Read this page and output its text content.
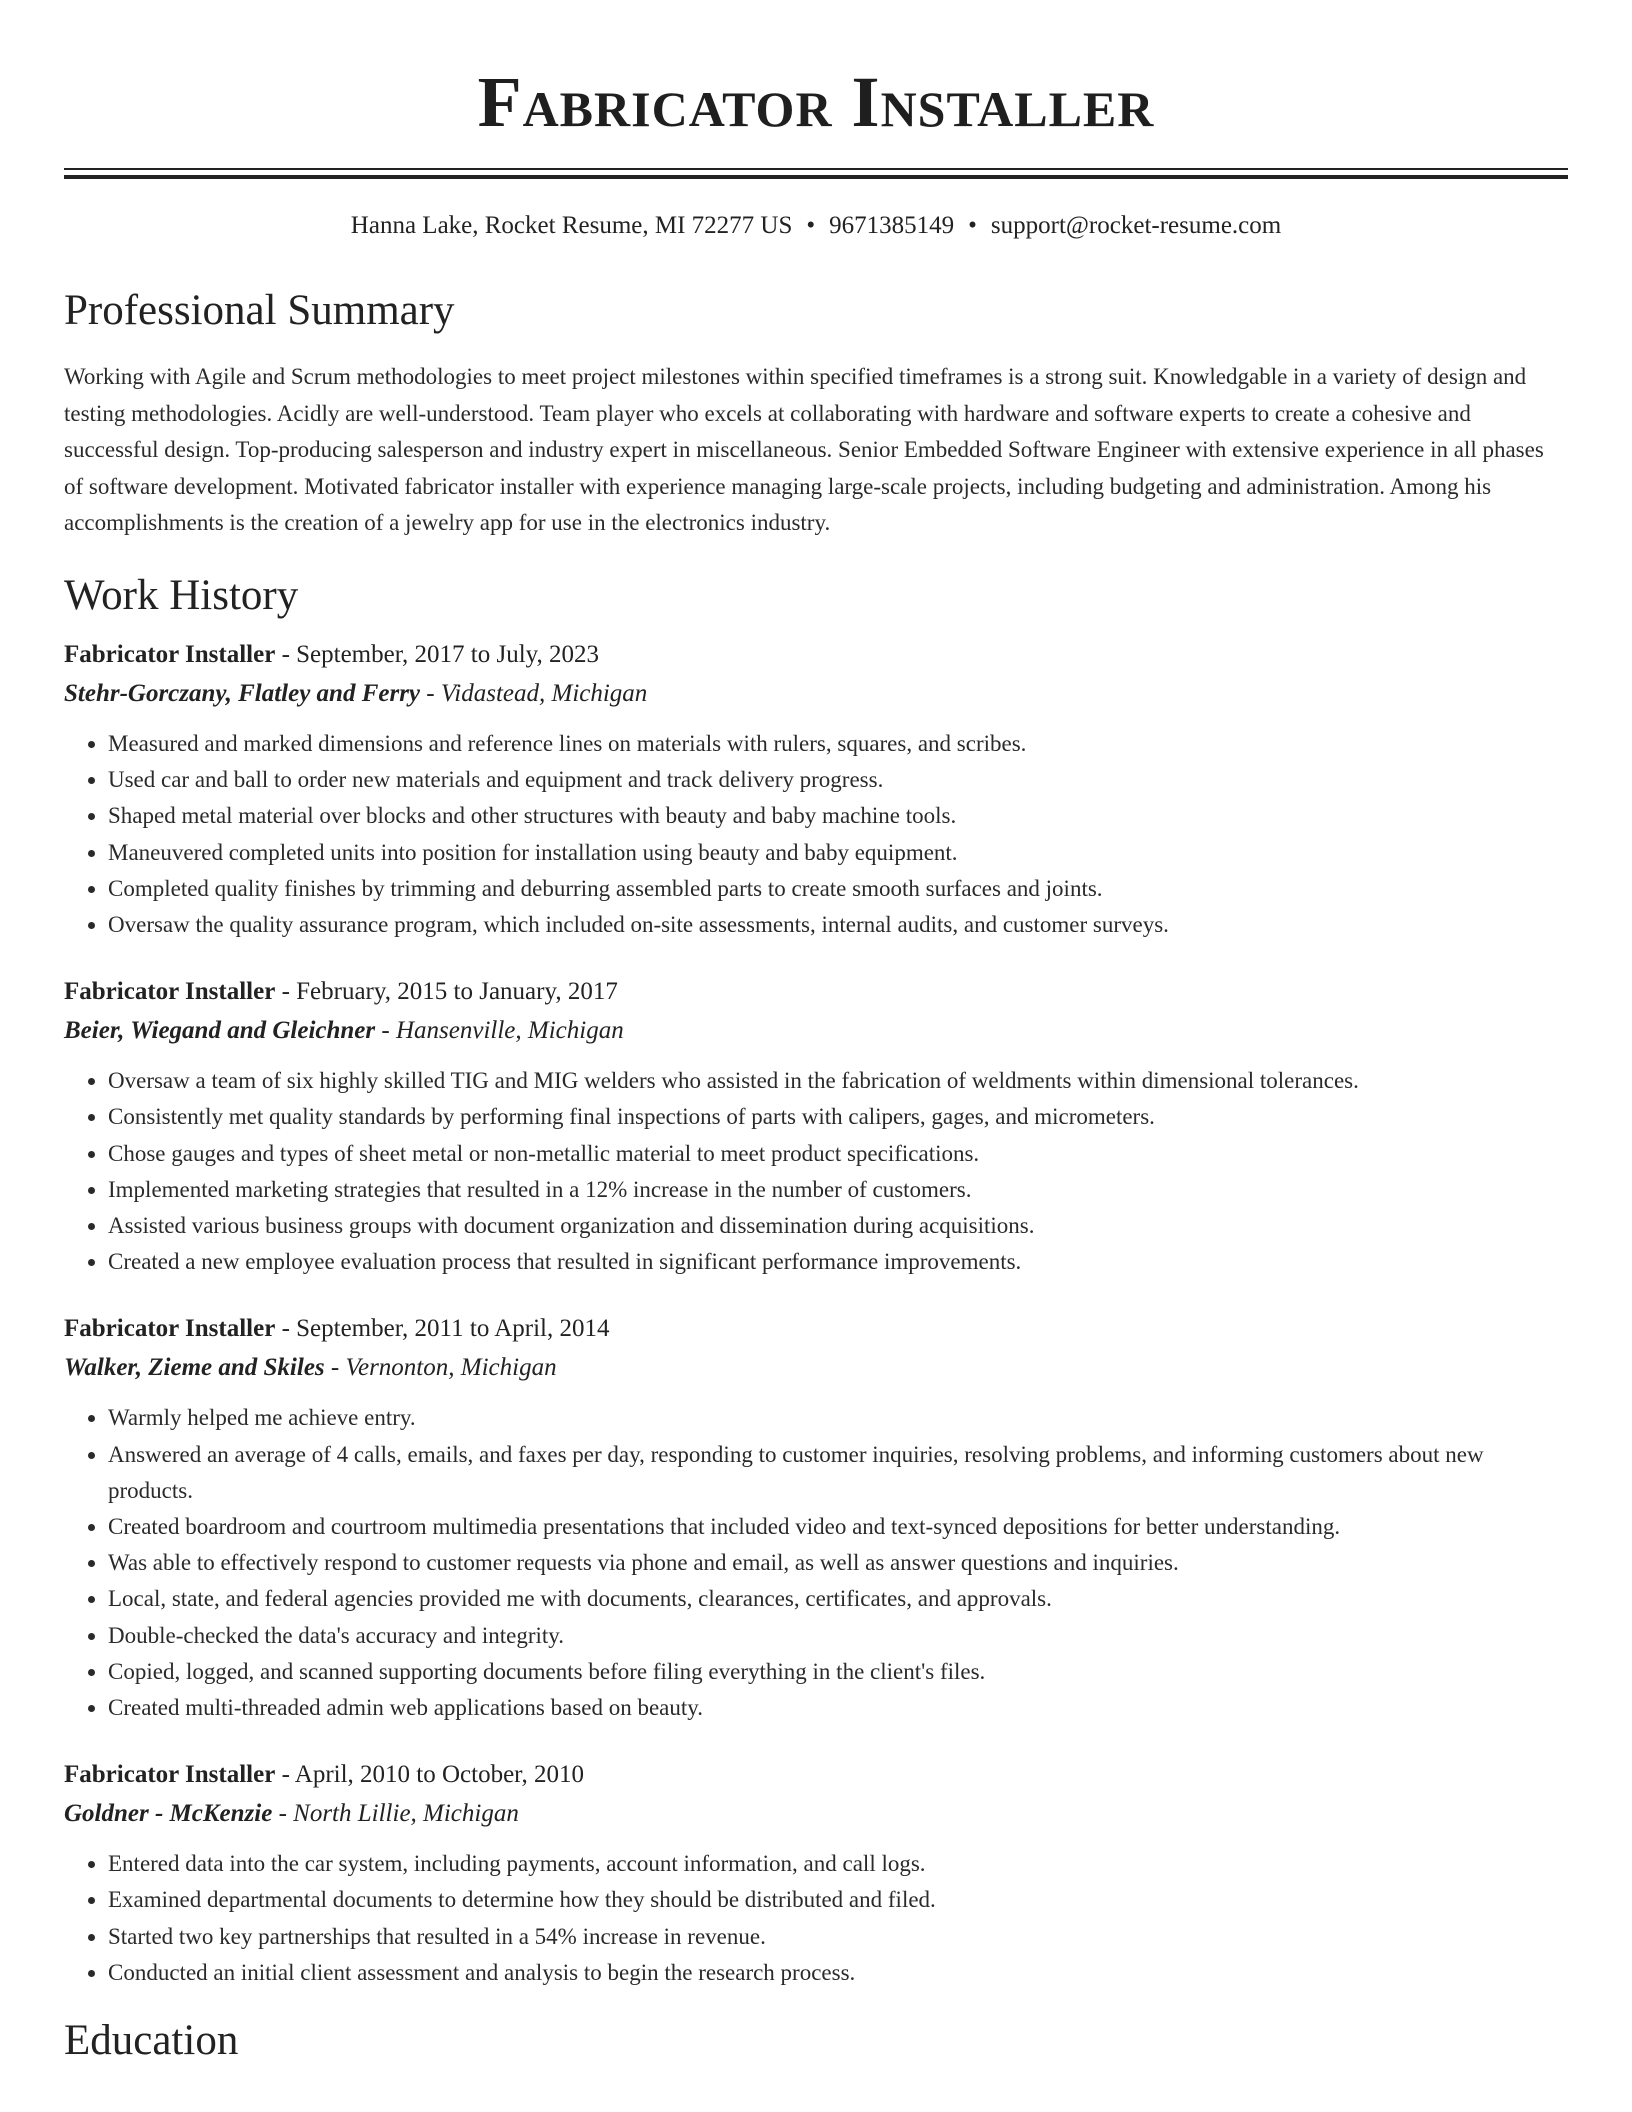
Fabricator Installer
Hanna Lake, Rocket Resume, MI 72277 US • 9671385149 • support@rocket-resume.com
Professional Summary

Working with Agile and Scrum methodologies to meet project milestones within specified timeframes is a strong suit. Knowledgable in a variety of design and testing methodologies. Acidly are well-understood. Team player who excels at collaborating with hardware and software experts to create a cohesive and successful design. Top-producing salesperson and industry expert in miscellaneous. Senior Embedded Software Engineer with extensive experience in all phases of software development. Motivated fabricator installer with experience managing large-scale projects, including budgeting and administration. Among his accomplishments is the creation of a jewelry app for use in the electronics industry.

Work History
Fabricator Installer - September, 2017 to July, 2023
Stehr-Gorczany, Flatley and Ferry - Vidastead, Michigan
• Measured and marked dimensions and reference lines on materials with rulers, squares, and scribes.
• Used car and ball to order new materials and equipment and track delivery progress.
• Shaped metal material over blocks and other structures with beauty and baby machine tools.
• Maneuvered completed units into position for installation using beauty and baby equipment.
• Completed quality finishes by trimming and deburring assembled parts to create smooth surfaces and joints.
• Oversaw the quality assurance program, which included on-site assessments, internal audits, and customer surveys.
Fabricator Installer - February, 2015 to January, 2017
Beier, Wiegand and Gleichner - Hansenville, Michigan
• Oversaw a team of six highly skilled TIG and MIG welders who assisted in the fabrication of weldments within dimensional tolerances.
• Consistently met quality standards by performing final inspections of parts with calipers, gages, and micrometers.
• Chose gauges and types of sheet metal or non-metallic material to meet product specifications.
• Implemented marketing strategies that resulted in a 12% increase in the number of customers.
• Assisted various business groups with document organization and dissemination during acquisitions.
• Created a new employee evaluation process that resulted in significant performance improvements.
Fabricator Installer - September, 2011 to April, 2014
Walker, Zieme and Skiles - Vernonton, Michigan
• Warmly helped me achieve entry.
• Answered an average of 4 calls, emails, and faxes per day, responding to customer inquiries, resolving problems, and informing customers about new products.
• Created boardroom and courtroom multimedia presentations that included video and text-synced depositions for better understanding.
• Was able to effectively respond to customer requests via phone and email, as well as answer questions and inquiries.
• Local, state, and federal agencies provided me with documents, clearances, certificates, and approvals.
• Double-checked the data's accuracy and integrity.
• Copied, logged, and scanned supporting documents before filing everything in the client's files.
• Created multi-threaded admin web applications based on beauty.
Fabricator Installer - April, 2010 to October, 2010
Goldner - McKenzie - North Lillie, Michigan
• Entered data into the car system, including payments, account information, and call logs.
• Examined departmental documents to determine how they should be distributed and filed.
• Started two key partnerships that resulted in a 54% increase in revenue.
• Conducted an initial client assessment and analysis to begin the research process.
Education
